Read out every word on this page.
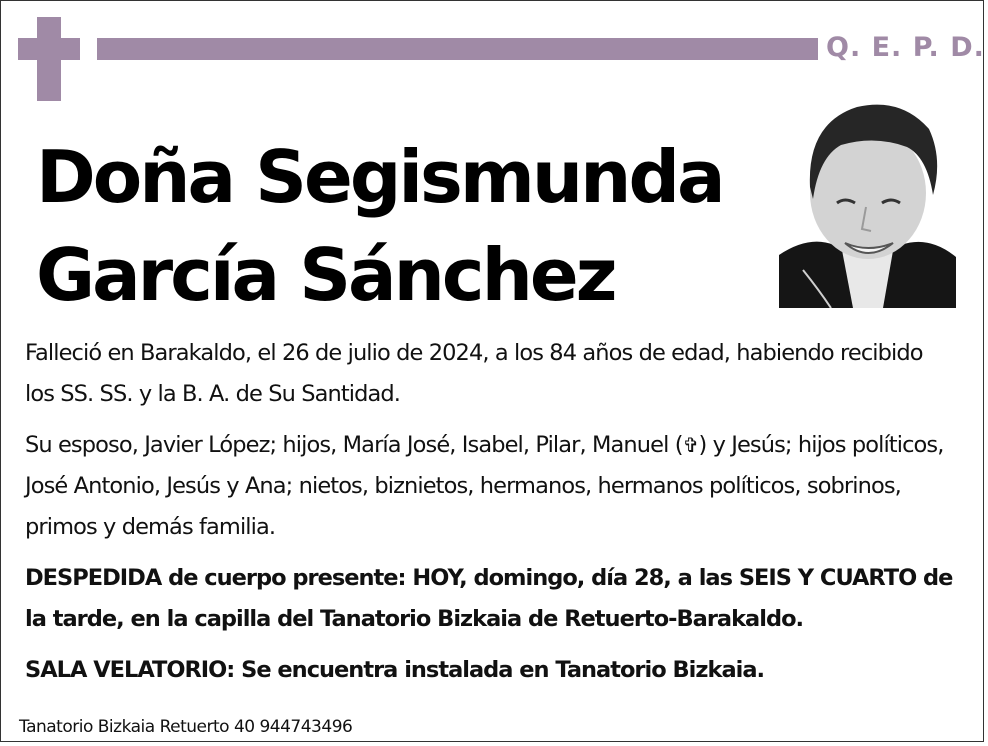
Q. E. P. D.
Doña Segismunda
García Sánchez

Falleció en Barakaldo, el 26 de julio de 2024, a los 84 años de edad, habiendo recibido los SS. SS. y la B. A. de Su Santidad.

Su esposo, Javier López; hijos, María José, Isabel, Pilar, Manuel (✞) y Jesús; hijos políticos, José Antonio, Jesús y Ana; nietos, biznietos, hermanos, hermanos políticos, sobrinos, primos y demás familia.

DESPEDIDA de cuerpo presente: HOY, domingo, día 28, a las SEIS Y CUARTO de la tarde, en la capilla del Tanatorio Bizkaia de Retuerto-Barakaldo.

SALA VELATORIO: Se encuentra instalada en Tanatorio Bizkaia.

Tanatorio Bizkaia Retuerto 40 944743496
